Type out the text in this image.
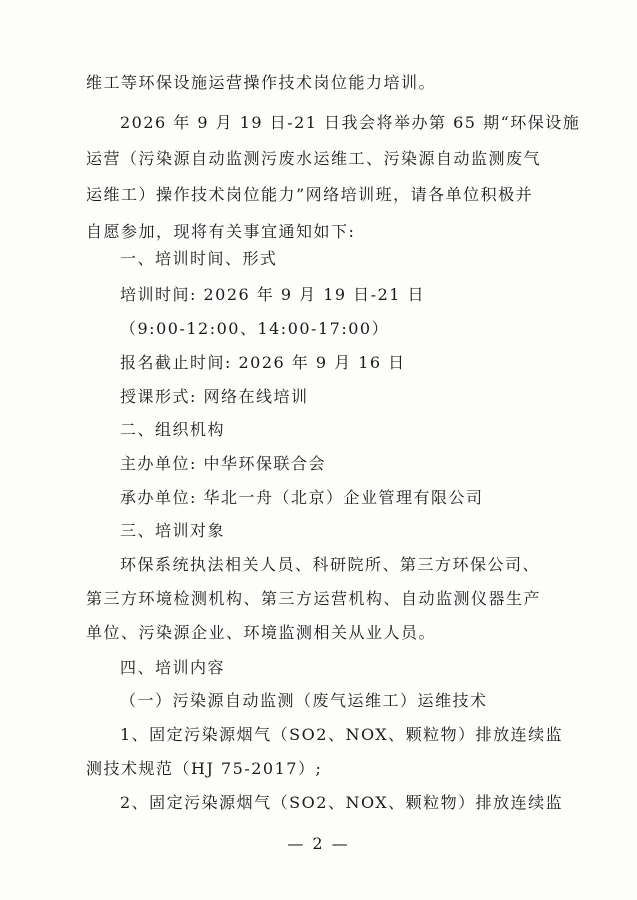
维工等环保设施运营操作技术岗位能力培训。
2026 年 9 月 19 日-21 日我会将举办第 65 期“环保设施
运营（污染源自动监测污废水运维工、污染源自动监测废气
运维工）操作技术岗位能力”网络培训班，请各单位积极并
自愿参加，现将有关事宜通知如下:
一、培训时间、形式
培训时间: 2026 年 9 月 19 日-21 日
（9:00-12:00、14:00-17:00）
报名截止时间: 2026 年 9 月 16 日
授课形式: 网络在线培训
二、组织机构
主办单位: 中华环保联合会
承办单位: 华北一舟（北京）企业管理有限公司
三、培训对象
环保系统执法相关人员、科研院所、第三方环保公司、
第三方环境检测机构、第三方运营机构、自动监测仪器生产
单位、污染源企业、环境监测相关从业人员。
四、培训内容
（一）污染源自动监测（废气运维工）运维技术
1、固定污染源烟气（SO2、NOX、颗粒物）排放连续监
测技术规范（HJ 75-2017）;
2、固定污染源烟气（SO2、NOX、颗粒物）排放连续监
— 2 —
